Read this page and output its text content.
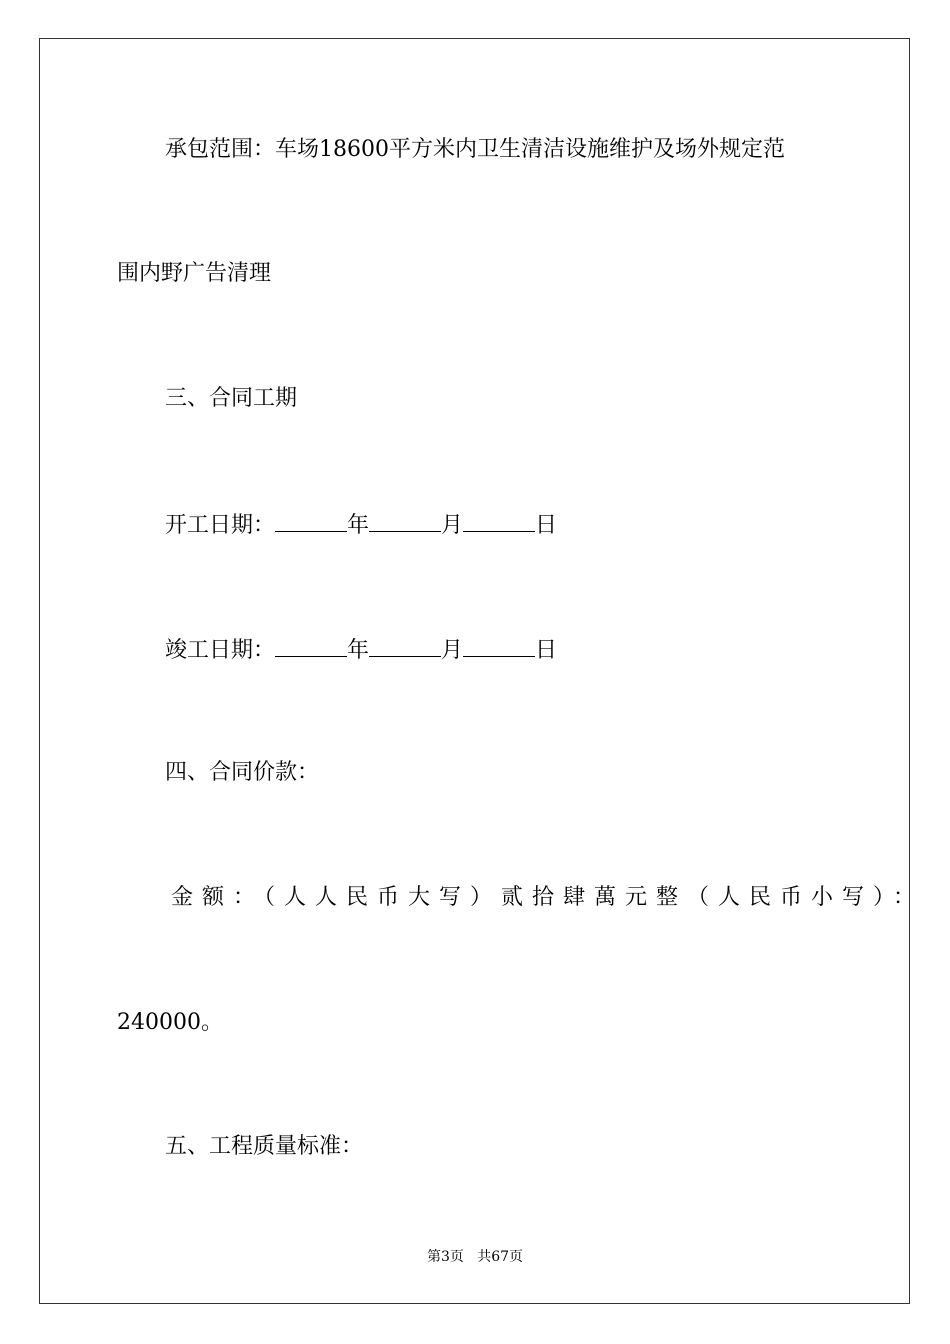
承包范围：车场18600平方米内卫生清洁设施维护及场外规定范
围内野广告清理
三、合同工期
开工日期：	年	月	日
竣工日期：	年	月	日
四、合同价款：
金额：（人人民币大写）贰拾肆萬元整（人民币小写）：
240000。
五、工程质量标准：
第3页 共67页
